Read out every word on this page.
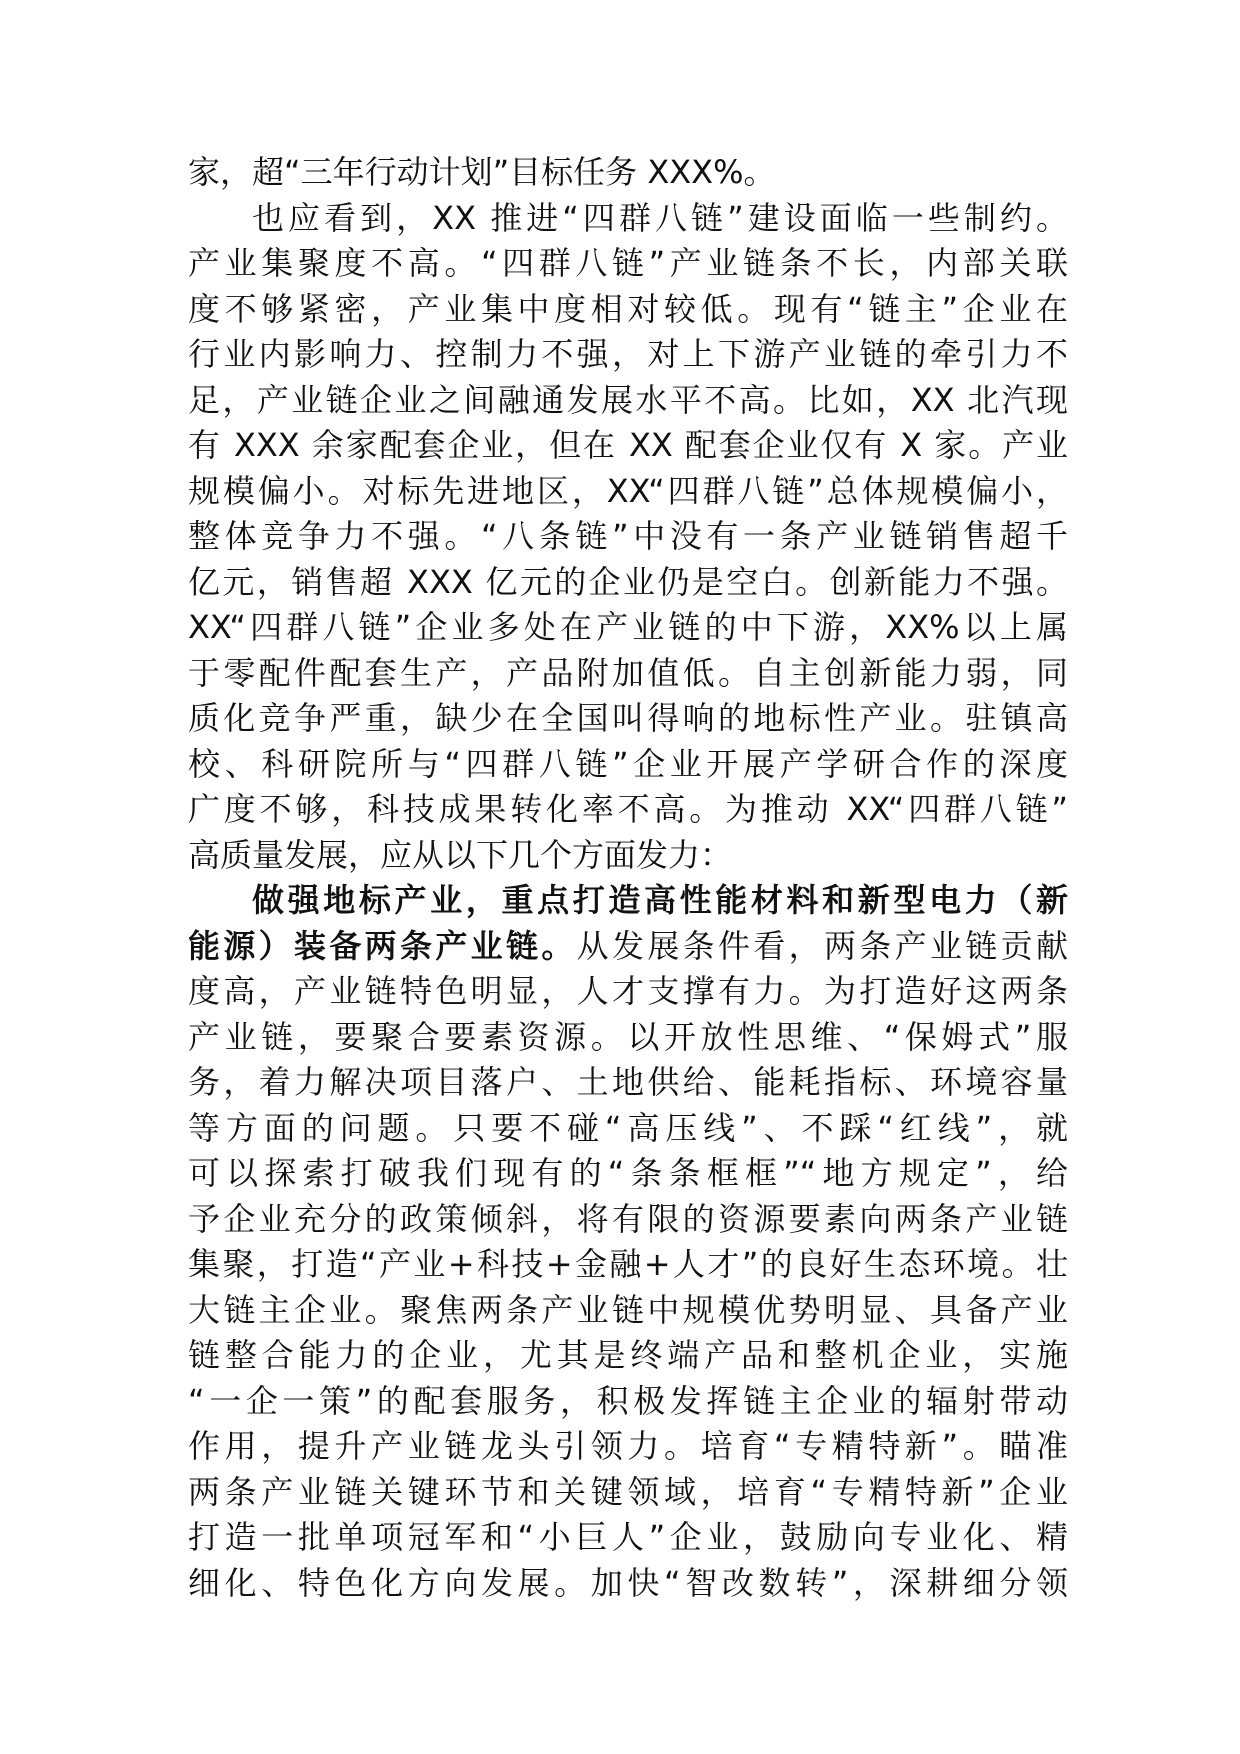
家，超“三年行动计划”目标任务 XXX%。
也应看到，XX 推进“四群八链”建设面临一些制约。
产业集聚度不高。“四群八链”产业链条不长，内部关联
度不够紧密，产业集中度相对较低。现有“链主”企业在
行业内影响力、控制力不强，对上下游产业链的牵引力不
足，产业链企业之间融通发展水平不高。比如，XX 北汽现
有 XXX 余家配套企业，但在 XX 配套企业仅有 X 家。产业
规模偏小。对标先进地区，XX“四群八链”总体规模偏小，
整体竞争力不强。“八条链”中没有一条产业链销售超千
亿元，销售超 XXX 亿元的企业仍是空白。创新能力不强。
XX“四群八链”企业多处在产业链的中下游，XX%以上属
于零配件配套生产，产品附加值低。自主创新能力弱，同
质化竞争严重，缺少在全国叫得响的地标性产业。驻镇高
校、科研院所与“四群八链”企业开展产学研合作的深度
广度不够，科技成果转化率不高。为推动 XX“四群八链”
高质量发展，应从以下几个方面发力：
做强地标产业，重点打造高性能材料和新型电力（新
能源）装备两条产业链。从发展条件看，两条产业链贡献
度高，产业链特色明显，人才支撑有力。为打造好这两条
产业链，要聚合要素资源。以开放性思维、“保姆式”服
务，着力解决项目落户、土地供给、能耗指标、环境容量
等方面的问题。只要不碰“高压线”、不踩“红线”，就
可以探索打破我们现有的“条条框框”“地方规定”，给
予企业充分的政策倾斜，将有限的资源要素向两条产业链
集聚，打造“产业+科技+金融+人才”的良好生态环境。壮
大链主企业。聚焦两条产业链中规模优势明显、具备产业
链整合能力的企业，尤其是终端产品和整机企业，实施
“一企一策”的配套服务，积极发挥链主企业的辐射带动
作用，提升产业链龙头引领力。培育“专精特新”。瞄准
两条产业链关键环节和关键领域，培育“专精特新”企业
打造一批单项冠军和“小巨人”企业，鼓励向专业化、精
细化、特色化方向发展。加快“智改数转”，深耕细分领
